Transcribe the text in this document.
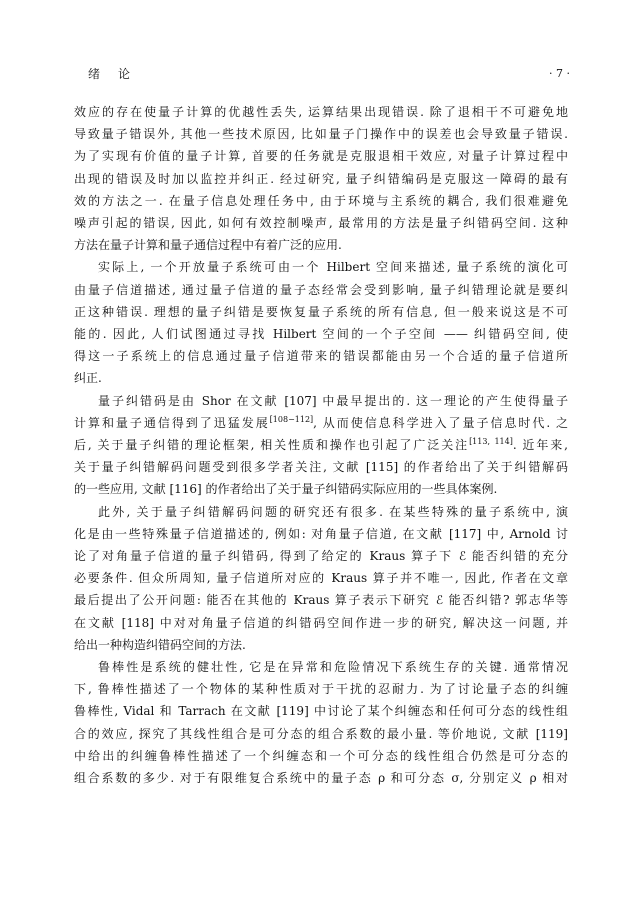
绪论	· 7 ·
效应的存在使量子计算的优越性丢失, 运算结果出现错误. 除了退相干不可避免地
导致量子错误外, 其他一些技术原因, 比如量子门操作中的误差也会导致量子错误.
为了实现有价值的量子计算, 首要的任务就是克服退相干效应, 对量子计算过程中
出现的错误及时加以监控并纠正. 经过研究, 量子纠错编码是克服这一障碍的最有
效的方法之一. 在量子信息处理任务中, 由于环境与主系统的耦合, 我们很难避免
噪声引起的错误, 因此, 如何有效控制噪声, 最常用的方法是量子纠错码空间. 这种
方法在量子计算和量子通信过程中有着广泛的应用.
实际上, 一个开放量子系统可由一个 Hilbert 空间来描述, 量子系统的演化可
由量子信道描述, 通过量子信道的量子态经常会受到影响, 量子纠错理论就是要纠
正这种错误. 理想的量子纠错是要恢复量子系统的所有信息, 但一般来说这是不可
能的. 因此, 人们试图通过寻找 Hilbert 空间的一个子空间 —— 纠错码空间, 使
得这一子系统上的信息通过量子信道带来的错误都能由另一个合适的量子信道所
纠正.
量子纠错码是由 Shor 在文献 [107] 中最早提出的. 这一理论的产生使得量子
计算和量子通信得到了迅猛发展[108−112], 从而使信息科学进入了量子信息时代. 之
后, 关于量子纠错的理论框架, 相关性质和操作也引起了广泛关注[113, 114]. 近年来,
关于量子纠错解码问题受到很多学者关注, 文献 [115] 的作者给出了关于纠错解码
的一些应用, 文献 [116] 的作者给出了关于量子纠错码实际应用的一些具体案例.
此外, 关于量子纠错解码问题的研究还有很多. 在某些特殊的量子系统中, 演
化是由一些特殊量子信道描述的, 例如: 对角量子信道, 在文献 [117] 中, Arnold 讨
论了对角量子信道的量子纠错码, 得到了给定的 Kraus 算子下 ℰ 能否纠错的充分
必要条件. 但众所周知, 量子信道所对应的 Kraus 算子并不唯一, 因此, 作者在文章
最后提出了公开问题: 能否在其他的 Kraus 算子表示下研究 ℰ 能否纠错? 郭志华等
在文献 [118] 中对对角量子信道的纠错码空间作进一步的研究, 解决这一问题, 并
给出一种构造纠错码空间的方法.
鲁棒性是系统的健壮性, 它是在异常和危险情况下系统生存的关键. 通常情况
下, 鲁棒性描述了一个物体的某种性质对于干扰的忍耐力. 为了讨论量子态的纠缠
鲁棒性, Vidal 和 Tarrach 在文献 [119] 中讨论了某个纠缠态和任何可分态的线性组
合的效应, 探究了其线性组合是可分态的组合系数的最小量. 等价地说, 文献 [119]
中给出的纠缠鲁棒性描述了一个纠缠态和一个可分态的线性组合仍然是可分态的
组合系数的多少. 对于有限维复合系统中的量子态 ρ 和可分态 σ, 分别定义 ρ 相对
